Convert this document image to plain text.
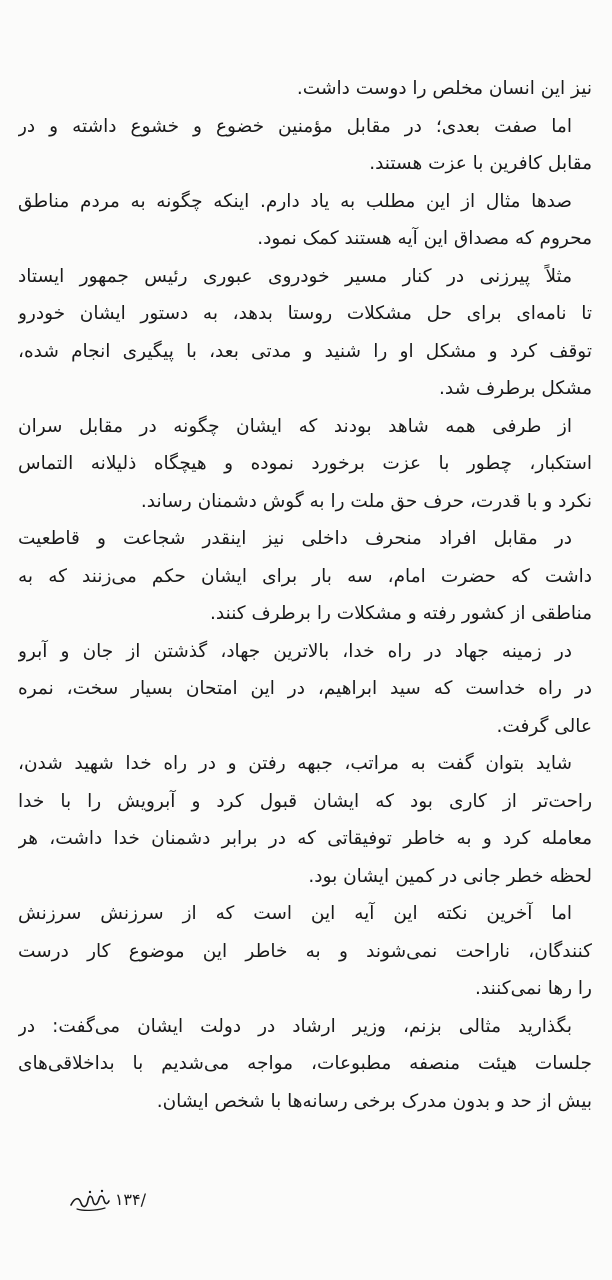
نیز این انسان مخلص را دوست داشت.
اما صفت بعدی؛ در مقابل مؤمنین خضوع و خشوع داشته و در
مقابل کافرین با عزت هستند.
صدها مثال از این مطلب به یاد دارم. اینکه چگونه به مردم مناطق
محروم که مصداق این آیه هستند کمک نمود.
مثلاً پیرزنی در کنار مسیر خودروی عبوری رئیس جمهور ایستاد
تا نامه‌ای برای حل مشکلات روستا بدهد، به دستور ایشان خودرو
توقف کرد و مشکل او را شنید و مدتی بعد، با پیگیری انجام شده،
مشکل برطرف شد.
از طرفی همه شاهد بودند که ایشان چگونه در مقابل سران
استکبار، چطور با عزت برخورد نموده و هیچگاه ذلیلانه التماس
نکرد و با قدرت، حرف حق ملت را به گوش دشمنان رساند.
در مقابل افراد منحرف داخلی نیز اینقدر شجاعت و قاطعیت
داشت که حضرت امام، سه بار برای ایشان حکم می‌زنند که به
مناطقی از کشور رفته و مشکلات را برطرف کنند.
در زمینه جهاد در راه خدا، بالاترین جهاد، گذشتن از جان و آبرو
در راه خداست که سید ابراهیم، در این امتحان بسیار سخت، نمره
عالی گرفت.
شاید بتوان گفت به مراتب، جبهه رفتن و در راه خدا شهید شدن،
راحت‌تر از کاری بود که ایشان قبول کرد و آبرویش را با خدا
معامله کرد و به خاطر توفیقاتی که در برابر دشمنان خدا داشت، هر
لحظه خطر جانی در کمین ایشان بود.
اما آخرین نکته این آیه این است که از سرزنش سرزنش
کنندگان، ناراحت نمی‌شوند و به خاطر این موضوع کار درست
را رها نمی‌کنند.
بگذارید مثالی بزنم، وزیر ارشاد در دولت ایشان می‌گفت: در
جلسات هیئت منصفه مطبوعات، مواجه می‌شدیم با بداخلاقی‌های
بیش از حد و بدون مدرک برخی رسانه‌ها با شخص ایشان.
/۱۳۴
